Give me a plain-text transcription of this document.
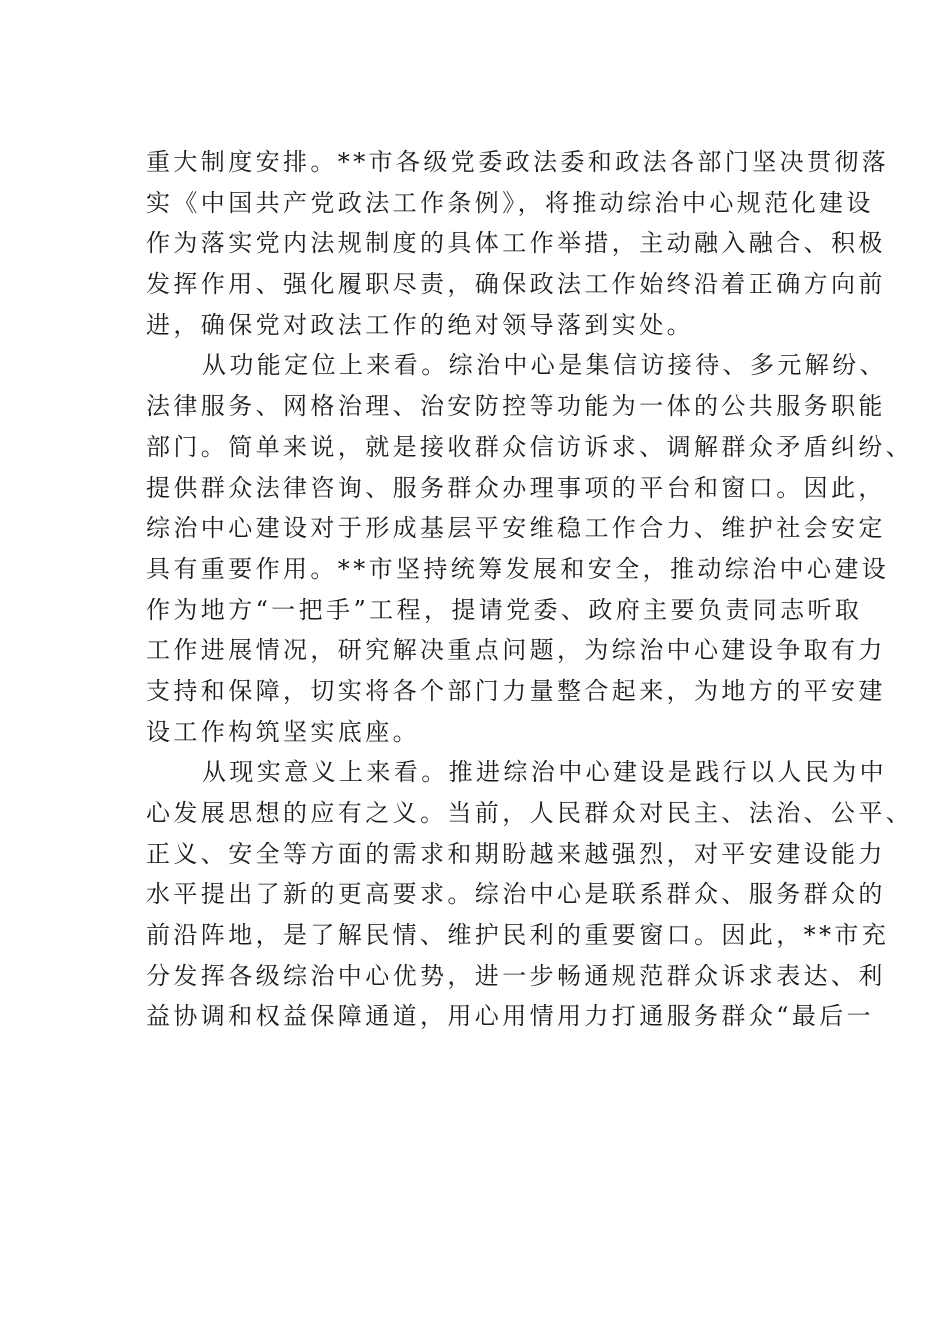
重大制度安排。**市各级党委政法委和政法各部门坚决贯彻落
实《中国共产党政法工作条例》，将推动综治中心规范化建设
作为落实党内法规制度的具体工作举措，主动融入融合、积极
发挥作用、强化履职尽责，确保政法工作始终沿着正确方向前
进，确保党对政法工作的绝对领导落到实处。
从功能定位上来看。综治中心是集信访接待、多元解纷、
法律服务、网格治理、治安防控等功能为一体的公共服务职能
部门。简单来说，就是接收群众信访诉求、调解群众矛盾纠纷、
提供群众法律咨询、服务群众办理事项的平台和窗口。因此，
综治中心建设对于形成基层平安维稳工作合力、维护社会安定
具有重要作用。**市坚持统筹发展和安全，推动综治中心建设
作为地方“一把手”工程，提请党委、政府主要负责同志听取
工作进展情况，研究解决重点问题，为综治中心建设争取有力
支持和保障，切实将各个部门力量整合起来，为地方的平安建
设工作构筑坚实底座。
从现实意义上来看。推进综治中心建设是践行以人民为中
心发展思想的应有之义。当前，人民群众对民主、法治、公平、
正义、安全等方面的需求和期盼越来越强烈，对平安建设能力
水平提出了新的更高要求。综治中心是联系群众、服务群众的
前沿阵地，是了解民情、维护民利的重要窗口。因此，**市充
分发挥各级综治中心优势，进一步畅通规范群众诉求表达、利
益协调和权益保障通道，用心用情用力打通服务群众“最后一
